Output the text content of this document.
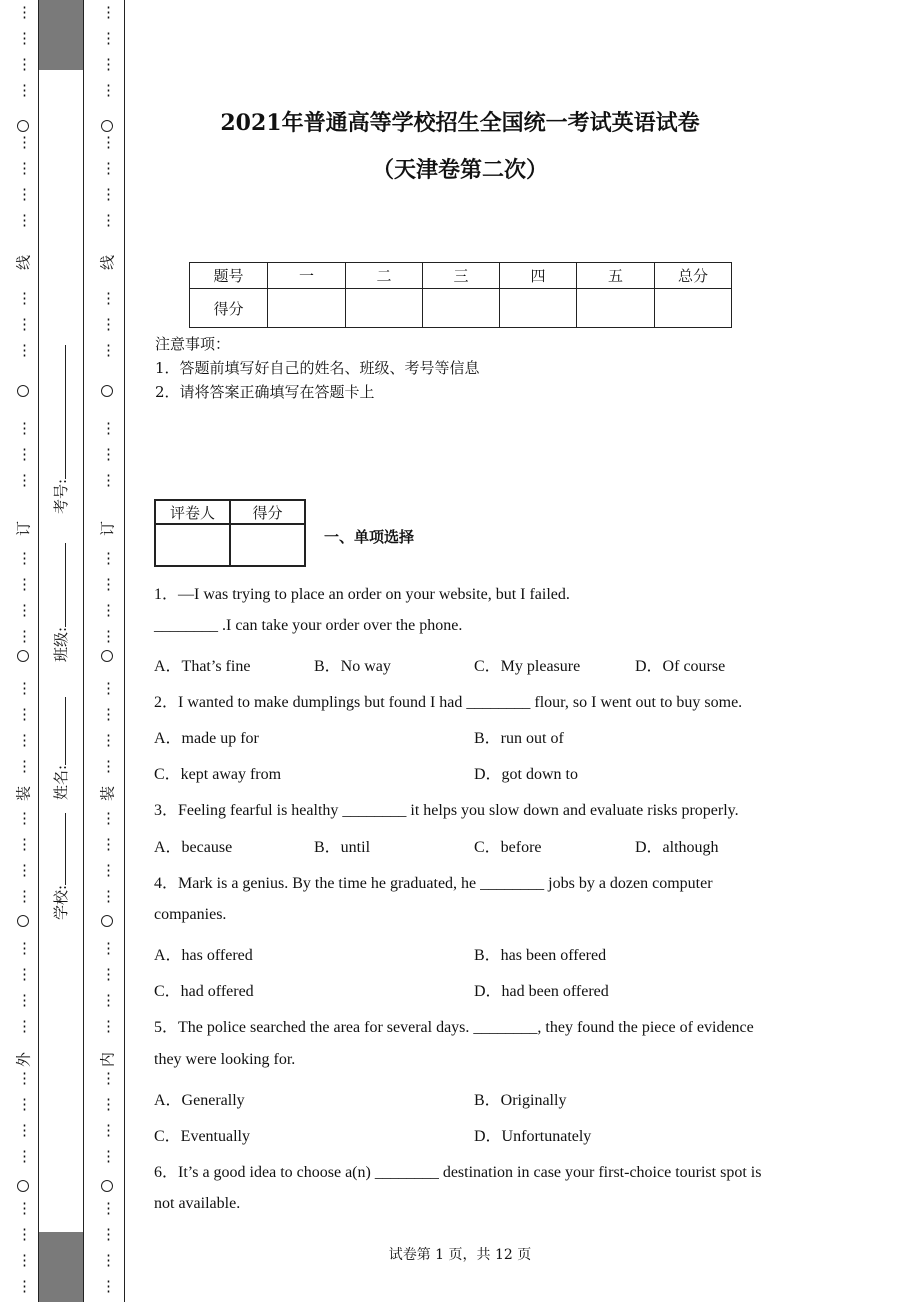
⋮
⋮
⋮
⋮
⋮
⋮
⋮
⋮
⋮
⋮
⋮
⋮
⋮
⋮
⋮
⋮
⋮
⋮
⋮
⋮
⋮
⋮
⋮
⋮
⋮
⋮
⋮
⋮
⋮
⋮
⋮
⋮
⋮
⋮
⋮
⋮
⋮
⋮
线
订
装
外
⋮
⋮
⋮
⋮
⋮
⋮
⋮
⋮
⋮
⋮
⋮
⋮
⋮
⋮
⋮
⋮
⋮
⋮
⋮
⋮
⋮
⋮
⋮
⋮
⋮
⋮
⋮
⋮
⋮
⋮
⋮
⋮
⋮
⋮
⋮
⋮
⋮
⋮
线
订
装
内
学校:
姓名:
班级:
考号:
2021年普通高等学校招生全国统一考试英语试卷
（天津卷第二次）
题号	一	二	三	四	五	总分
得分						
注意事项：
1．答题前填写好自己的姓名、班级、考号等信息
2．请将答案正确填写在答题卡上
评卷人	得分

一、单项选择
1．—I was trying to place an order on your website, but I failed.
________ .I can take your order over the phone.
A．That’s fine	B．No way	C．My pleasure	D．Of course
2．I wanted to make dumplings but found I had ________ flour, so I went out to buy some.
A．made up for	B．run out of
C．kept away from	D．got down to
3．Feeling fearful is healthy ________ it helps you slow down and evaluate risks properly.
A．because	B．until	C．before	D．although
4．Mark is a genius. By the time he graduated, he ________ jobs by a dozen computer
companies.
A．has offered	B．has been offered
C．had offered	D．had been offered
5．The police searched the area for several days. ________, they found the piece of evidence
they were looking for.
A．Generally	B．Originally
C．Eventually	D．Unfortunately
6．It’s a good idea to choose a(n) ________ destination in case your first-choice tourist spot is
not available.
试卷第 1 页，共 12 页
